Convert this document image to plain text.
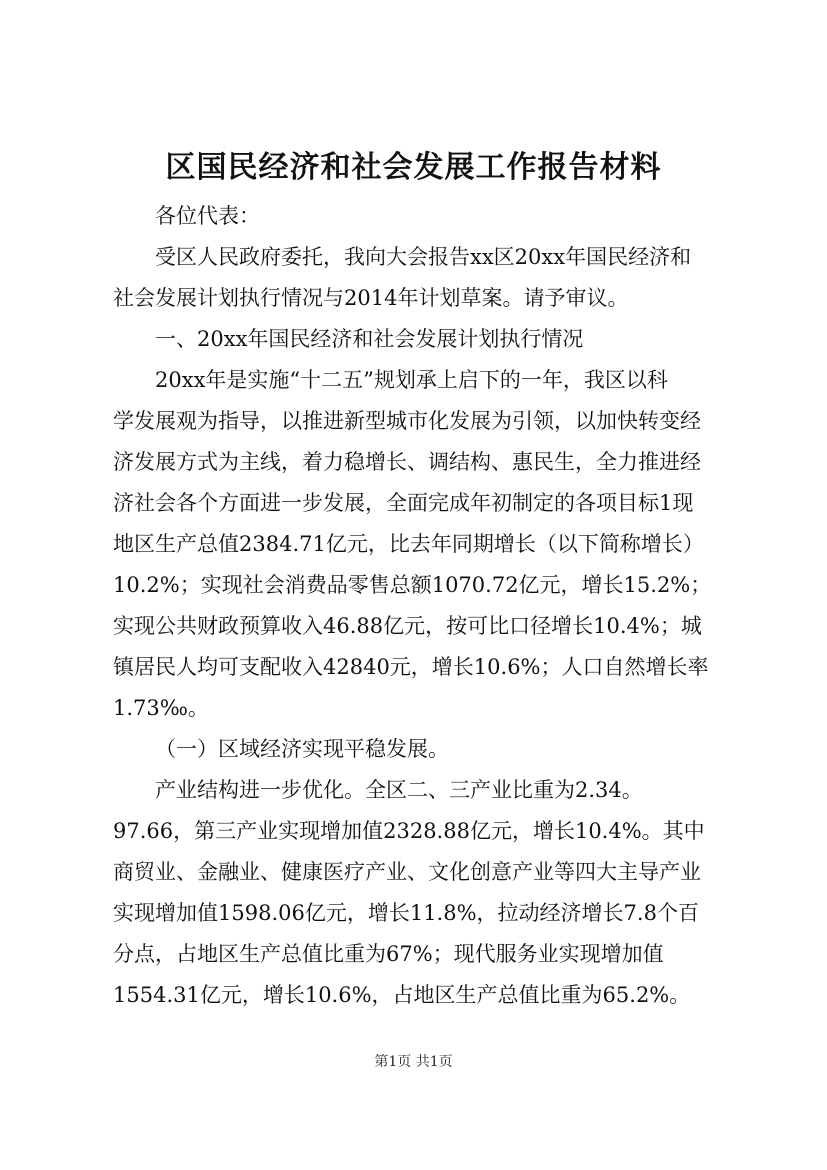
区国民经济和社会发展工作报告材料
各位代表：
受区人民政府委托，我向大会报告xx区20xx年国民经济和
社会发展计划执行情况与2014年计划草案。请予审议。
一、20xx年国民经济和社会发展计划执行情况
20xx年是实施“十二五”规划承上启下的一年，我区以科
学发展观为指导，以推进新型城市化发展为引领，以加快转变经
济发展方式为主线，着力稳增长、调结构、惠民生，全力推进经
济社会各个方面进一步发展，全面完成年初制定的各项目标1现
地区生产总值2384.71亿元，比去年同期增长（以下简称增长）
10.2%；实现社会消费品零售总额1070.72亿元，增长15.2%；
实现公共财政预算收入46.88亿元，按可比口径增长10.4%；城
镇居民人均可支配收入42840元，增长10.6%；人口自然增长率
1.73‰。
（一）区域经济实现平稳发展。
产业结构进一步优化。全区二、三产业比重为2.34。
97.66，第三产业实现增加值2328.88亿元，增长10.4%。其中
商贸业、金融业、健康医疗产业、文化创意产业等四大主导产业
实现增加值1598.06亿元，增长11.8%，拉动经济增长7.8个百
分点，占地区生产总值比重为67%；现代服务业实现增加值
1554.31亿元，增长10.6%，占地区生产总值比重为65.2%。
第1页 共1页
